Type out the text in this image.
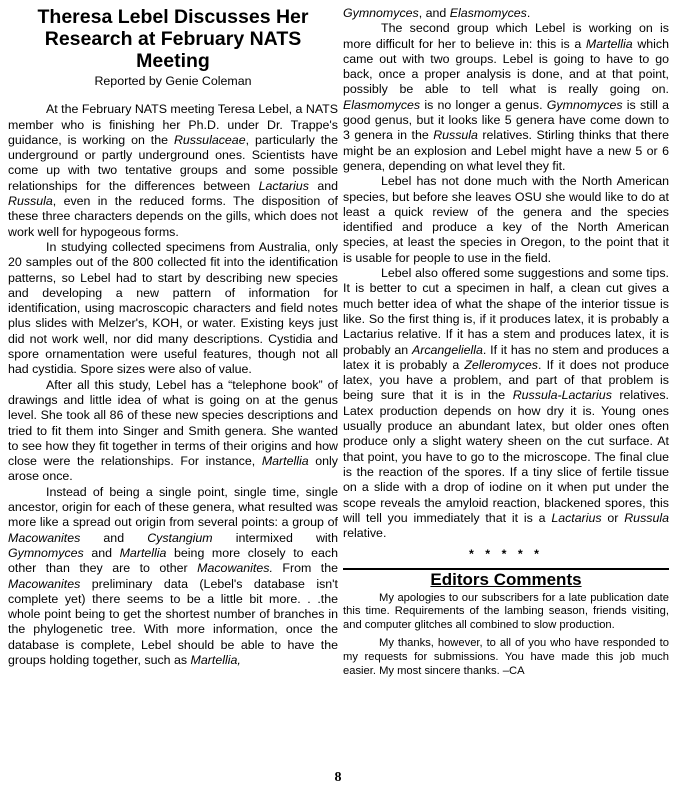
Theresa Lebel Discusses Her
Research at February NATS
Meeting
Reported by Genie Coleman

At the February NATS meeting Teresa Lebel, a NATS member who is finishing her Ph.D. under Dr. Trappe's guidance, is working on the Russulaceae, particularly the underground or partly underground ones. Scientists have come up with two tentative groups and some possible relationships for the differences between Lactarius and Russula, even in the reduced forms. The disposition of these three characters depends on the gills, which does not work well for hypogeous forms.

In studying collected specimens from Australia, only 20 samples out of the 800 collected fit into the identification patterns, so Lebel had to start by describing new species and developing a new pattern of information for identification, using macroscopic characters and field notes plus slides with Melzer's, KOH, or water. Existing keys just did not work well, nor did many descriptions. Cystidia and spore ornamentation were useful features, though not all had cystidia. Spore sizes were also of value.

After all this study, Lebel has a “telephone book” of drawings and little idea of what is going on at the genus level. She took all 86 of these new species descriptions and tried to fit them into Singer and Smith genera. She wanted to see how they fit together in terms of their origins and how close were the relationships. For instance, Martellia only arose once.

Instead of being a single point, single time, single ancestor, origin for each of these genera, what resulted was more like a spread out origin from several points: a group of Macowanites and Cystangium intermixed with Gymnomyces and Martellia being more closely to each other than they are to other Macowanites. From the Macowanites preliminary data (Lebel's database isn't complete yet) there seems to be a little bit more. . .the whole point being to get the shortest number of branches in the phylogenetic tree. With more information, once the database is complete, Lebel should be able to have the groups holding together, such as Martellia,

Gymnomyces, and Elasmomyces.

The second group which Lebel is working on is more difficult for her to believe in: this is a Martellia which came out with two groups. Lebel is going to have to go back, once a proper analysis is done, and at that point, possibly be able to tell what is really going on. Elasmomyces is no longer a genus. Gymnomyces is still a good genus, but it looks like 5 genera have come down to 3 genera in the Russula relatives. Stirling thinks that there might be an explosion and Lebel might have a new 5 or 6 genera, depending on what level they fit.

Lebel has not done much with the North American species, but before she leaves OSU she would like to do at least a quick review of the genera and the species identified and produce a key of the North American species, at least the species in Oregon, to the point that it is usable for people to use in the field.

Lebel also offered some suggestions and some tips. It is better to cut a specimen in half, a clean cut gives a much better idea of what the shape of the interior tissue is like. So the first thing is, if it produces latex, it is probably a Lactarius relative. If it has a stem and produces latex, it is probably an Arcangeliella. If it has no stem and produces a latex it is probably a Zelleromyces. If it does not produce latex, you have a problem, and part of that problem is being sure that it is in the Russula-Lactarius relatives. Latex production depends on how dry it is. Young ones usually produce an abundant latex, but older ones often produce only a slight watery sheen on the cut surface. At that point, you have to go to the microscope. The final clue is the reaction of the spores. If a tiny slice of fertile tissue on a slide with a drop of iodine on it when put under the scope reveals the amyloid reaction, blackened spores, this will tell you immediately that it is a Lactarius or Russula relative.

* * * * *
Editors Comments

My apologies to our subscribers for a late publication date this time. Requirements of the lambing season, friends visiting, and computer glitches all combined to slow production.

My thanks, however, to all of you who have responded to my requests for submissions. You have made this job much easier. My most sincere thanks. –CA

8
